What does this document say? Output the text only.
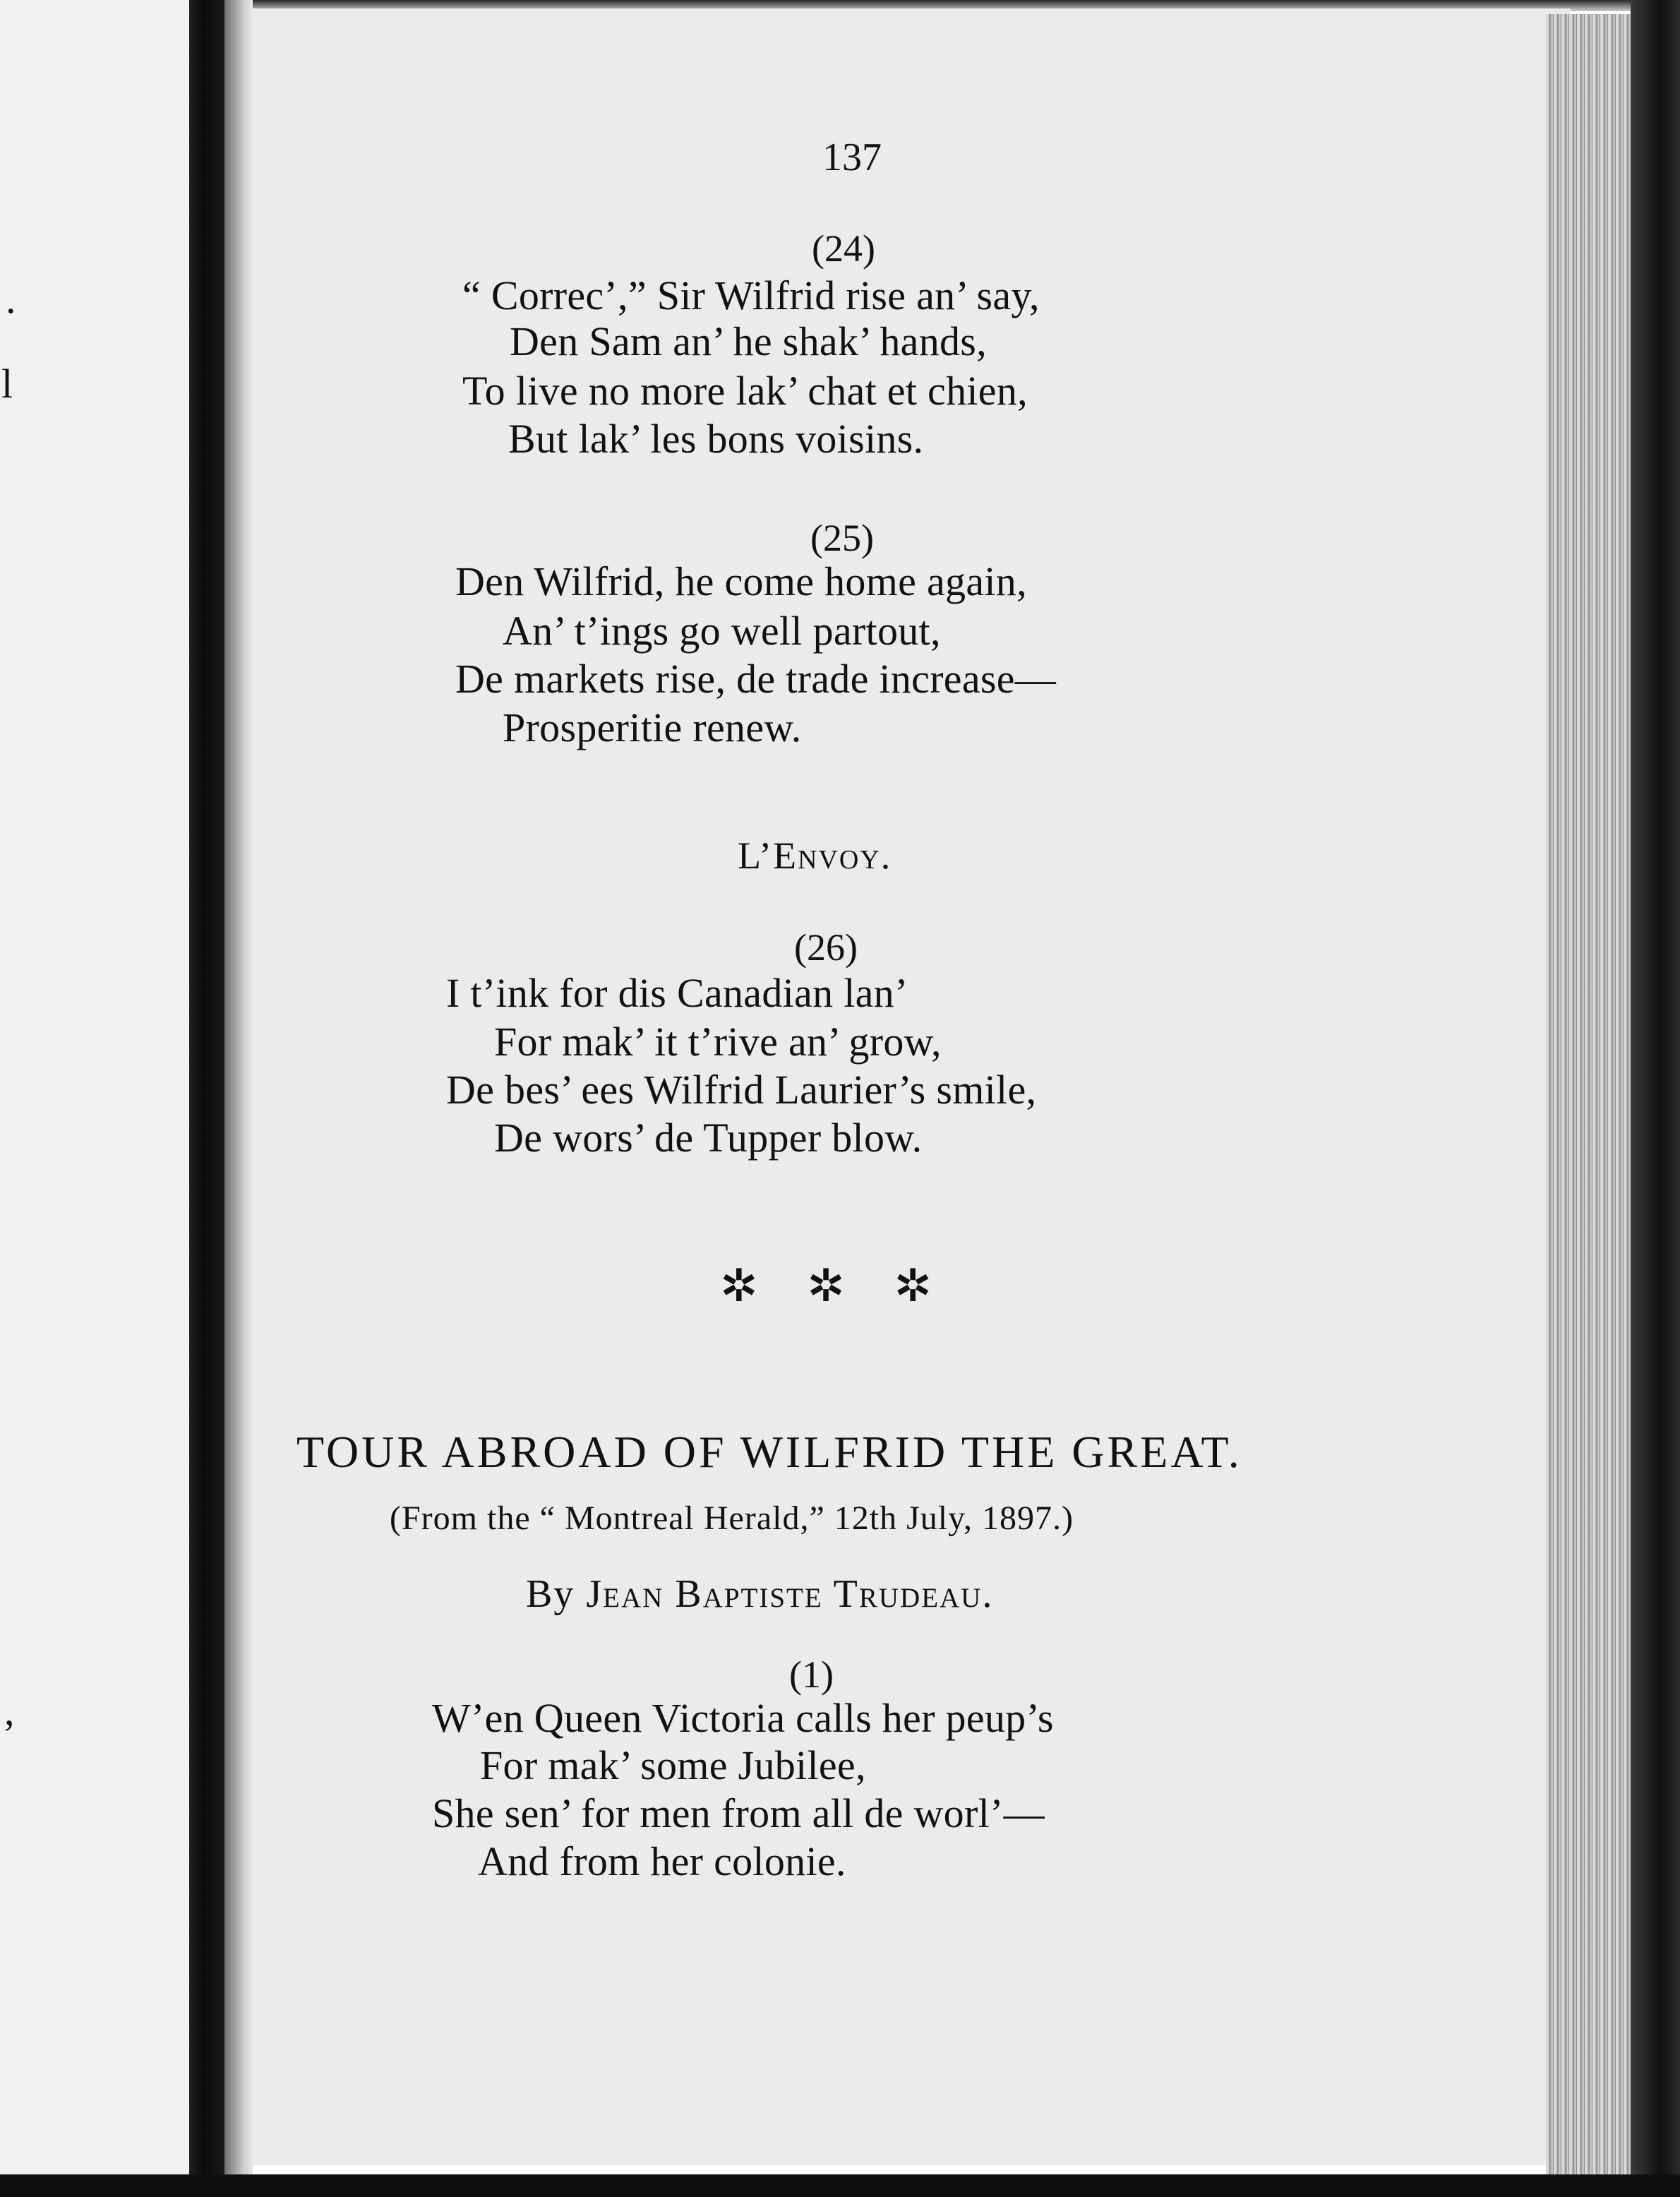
.
l
,
137
(24)
“ Correc’,” Sir Wilfrid rise an’ say,
Den Sam an’ he shak’ hands,
To live no more lak’ chat et chien,
But lak’ les bons voisins.
(25)
Den Wilfrid, he come home again,
An’ t’ings go well partout,
De markets rise, de trade increase—
Prosperitie renew.
L’Envoy.
(26)
I t’ink for dis Canadian lan’
For mak’ it t’rive an’ grow,
De bes’ ees Wilfrid Laurier’s smile,
De wors’ de Tupper blow.
✲ ✲ ✲
TOUR ABROAD OF WILFRID THE GREAT.
(From the “ Montreal Herald,” 12th July, 1897.)
By Jean Baptiste Trudeau.
(1)
W’en Queen Victoria calls her peup’s
For mak’ some Jubilee,
She sen’ for men from all de worl’—
And from her colonie.
